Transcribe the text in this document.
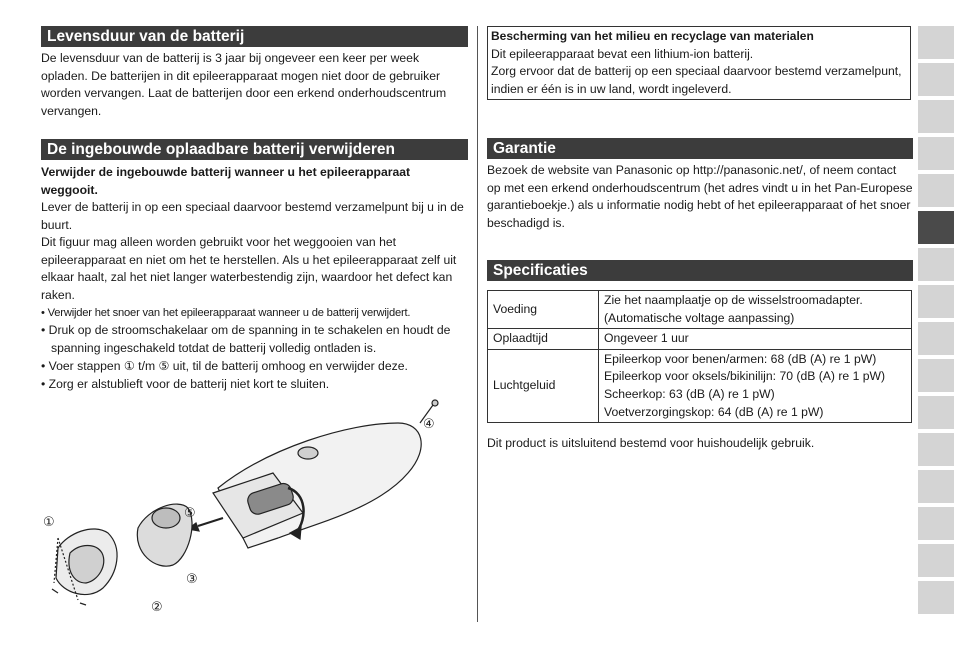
Levensduur van de batterij
De levensduur van de batterij is 3 jaar bij ongeveer een keer per week opladen. De batterijen in dit epileerapparaat mogen niet door de gebruiker worden vervangen. Laat de batterijen door een erkend onderhoudscentrum vervangen.
De ingebouwde oplaadbare batterij verwijderen
Verwijder de ingebouwde batterij wanneer u het epileerapparaat weggooit.
Lever de batterij in op een speciaal daarvoor bestemd verzamelpunt bij u in de buurt.
Dit figuur mag alleen worden gebruikt voor het weggooien van het epileerapparaat en niet om het te herstellen. Als u het epileerapparaat zelf uit elkaar haalt, zal het niet langer waterbestendig zijn, waardoor het defect kan raken.
• Verwijder het snoer van het epileerapparaat wanneer u de batterij verwijdert.
• Druk op de stroomschakelaar om de spanning in te schakelen en houdt de spanning ingeschakeld totdat de batterij volledig ontladen is.
• Voer stappen ① t/m ⑤ uit, til de batterij omhoog en verwijder deze.
• Zorg er alstublieft voor de batterij niet kort te sluiten.
①
②
③
④
⑤
Bescherming van het milieu en recyclage van materialen
Dit epileerapparaat bevat een lithium-ion batterij.
Zorg ervoor dat de batterij op een speciaal daarvoor bestemd verzamelpunt, indien er één is in uw land, wordt ingeleverd.
Garantie
Bezoek de website van Panasonic op http://panasonic.net/, of neem contact op met een erkend onderhoudscentrum (het adres vindt u in het Pan-Europese garantieboekje.) als u informatie nodig hebt of het epileerapparaat of het snoer beschadigd is.
Specificaties
Voeding	Zie het naamplaatje op de wisselstroomadapter.
(Automatische voltage aanpassing)

Oplaadtijd	Ongeveer 1 uur

Luchtgeluid	Epileerkop voor benen/armen: 68 (dB (A) re 1 pW)
Epileerkop voor oksels/bikinilijn: 70 (dB (A) re 1 pW)
Scheerkop: 63 (dB (A) re 1 pW)
Voetverzorgingskop: 64 (dB (A) re 1 pW)
Dit product is uitsluitend bestemd voor huishoudelijk gebruik.
